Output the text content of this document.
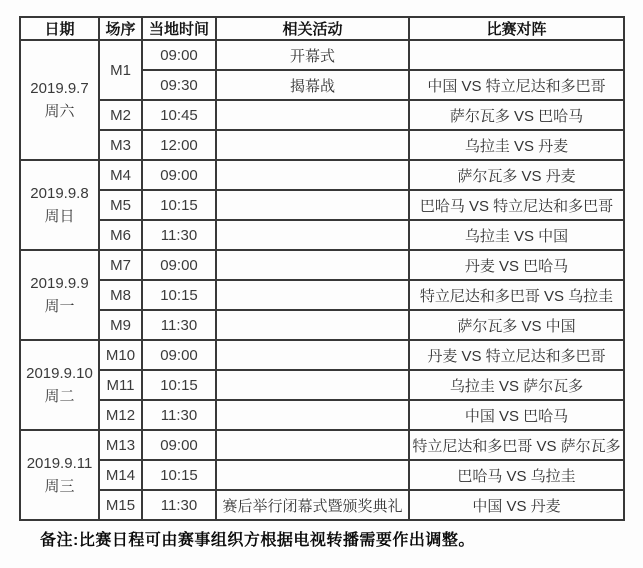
日期	场序	当地时间	相关活动	比赛对阵

2019.9.7
周六	M1	09:00	开幕式	
		09:30	揭幕战	中国 VS 特立尼达和多巴哥
	M2	10:45		萨尔瓦多 VS 巴哈马
	M3	12:00		乌拉圭 VS 丹麦

2019.9.8
周日	M4	09:00		萨尔瓦多 VS 丹麦
	M5	10:15		巴哈马 VS 特立尼达和多巴哥
	M6	11:30		乌拉圭 VS 中国

2019.9.9
周一	M7	09:00		丹麦 VS 巴哈马
	M8	10:15		特立尼达和多巴哥 VS 乌拉圭
	M9	11:30		萨尔瓦多 VS 中国

2019.9.10
周二	M10	09:00		丹麦 VS 特立尼达和多巴哥
	M11	10:15		乌拉圭 VS 萨尔瓦多
	M12	11:30		中国 VS 巴哈马

2019.9.11
周三	M13	09:00		特立尼达和多巴哥 VS 萨尔瓦多
	M14	10:15		巴哈马 VS 乌拉圭
	M15	11:30	赛后举行闭幕式暨颁奖典礼	中国 VS 丹麦
备注:比赛日程可由赛事组织方根据电视转播需要作出调整。
